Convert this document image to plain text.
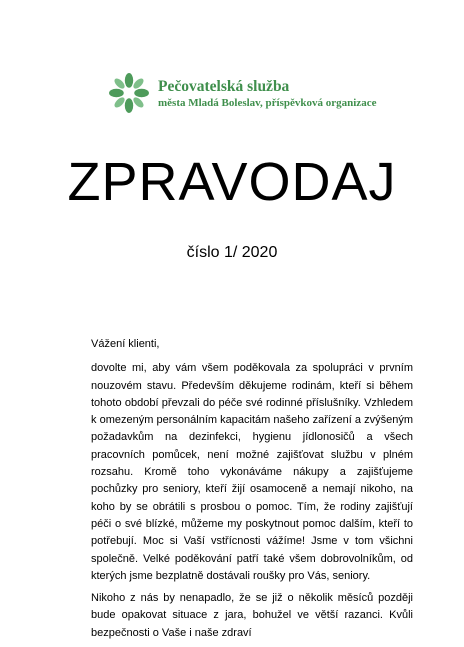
Pečovatelská služba
města Mladá Boleslav, příspěvková organizace
ZPRAVODAJ
číslo 1/ 2020

Vážení klienti,

dovolte mi, aby vám všem poděkovala za spolupráci v prvním nouzovém stavu. Především děkujeme rodinám, kteří si během tohoto období převzali do péče své rodinné příslušníky. Vzhledem k omezeným personálním kapacitám našeho zařízení a zvýšeným požadavkům na dezinfekci, hygienu jídlonosičů a všech pracovních pomůcek, není možné zajišťovat službu v plném rozsahu. Kromě toho vykonáváme nákupy a zajišťujeme pochůzky pro seniory, kteří žijí osamoceně a nemají nikoho, na koho by se obrátili s prosbou o pomoc. Tím, že rodiny zajišťují péči o své blízké, můžeme my poskytnout pomoc dalším, kteří to potřebují. Moc si Vaší vstřícnosti vážíme! Jsme v tom všichni společně. Velké poděkování patří také všem dobrovolníkům, od kterých jsme bezplatně dostávali roušky pro Vás, seniory.

Nikoho z nás by nenapadlo, že se již o několik měsíců později bude opakovat situace z jara, bohužel ve větší razanci. Kvůli bezpečnosti o Vaše i naše zdraví
